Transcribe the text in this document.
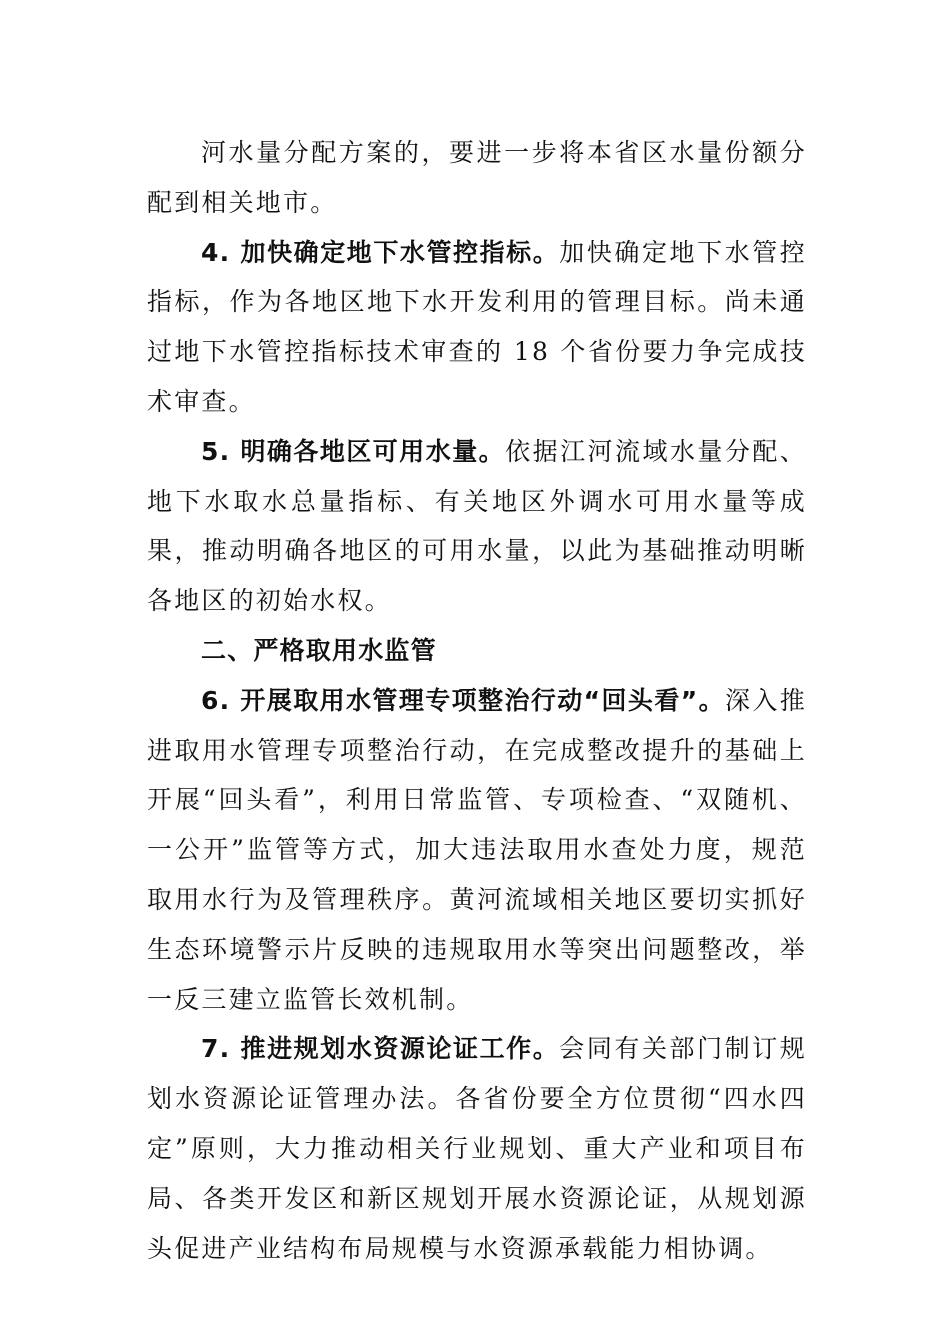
河水量分配方案的，要进一步将本省区水量份额分配到相关地市。

4. 加快确定地下水管控指标。加快确定地下水管控指标，作为各地区地下水开发利用的管理目标。尚未通过地下水管控指标技术审查的 18 个省份要力争完成技术审查。

5. 明确各地区可用水量。依据江河流域水量分配、地下水取水总量指标、有关地区外调水可用水量等成果，推动明确各地区的可用水量，以此为基础推动明晰各地区的初始水权。

二、严格取用水监管

6. 开展取用水管理专项整治行动“回头看”。深入推进取用水管理专项整治行动，在完成整改提升的基础上开展“回头看”，利用日常监管、专项检查、“双随机、一公开”监管等方式，加大违法取用水查处力度，规范取用水行为及管理秩序。黄河流域相关地区要切实抓好生态环境警示片反映的违规取用水等突出问题整改，举一反三建立监管长效机制。

7. 推进规划水资源论证工作。会同有关部门制订规划水资源论证管理办法。各省份要全方位贯彻“四水四定”原则，大力推动相关行业规划、重大产业和项目布局、各类开发区和新区规划开展水资源论证，从规划源头促进产业结构布局规模与水资源承载能力相协调。
